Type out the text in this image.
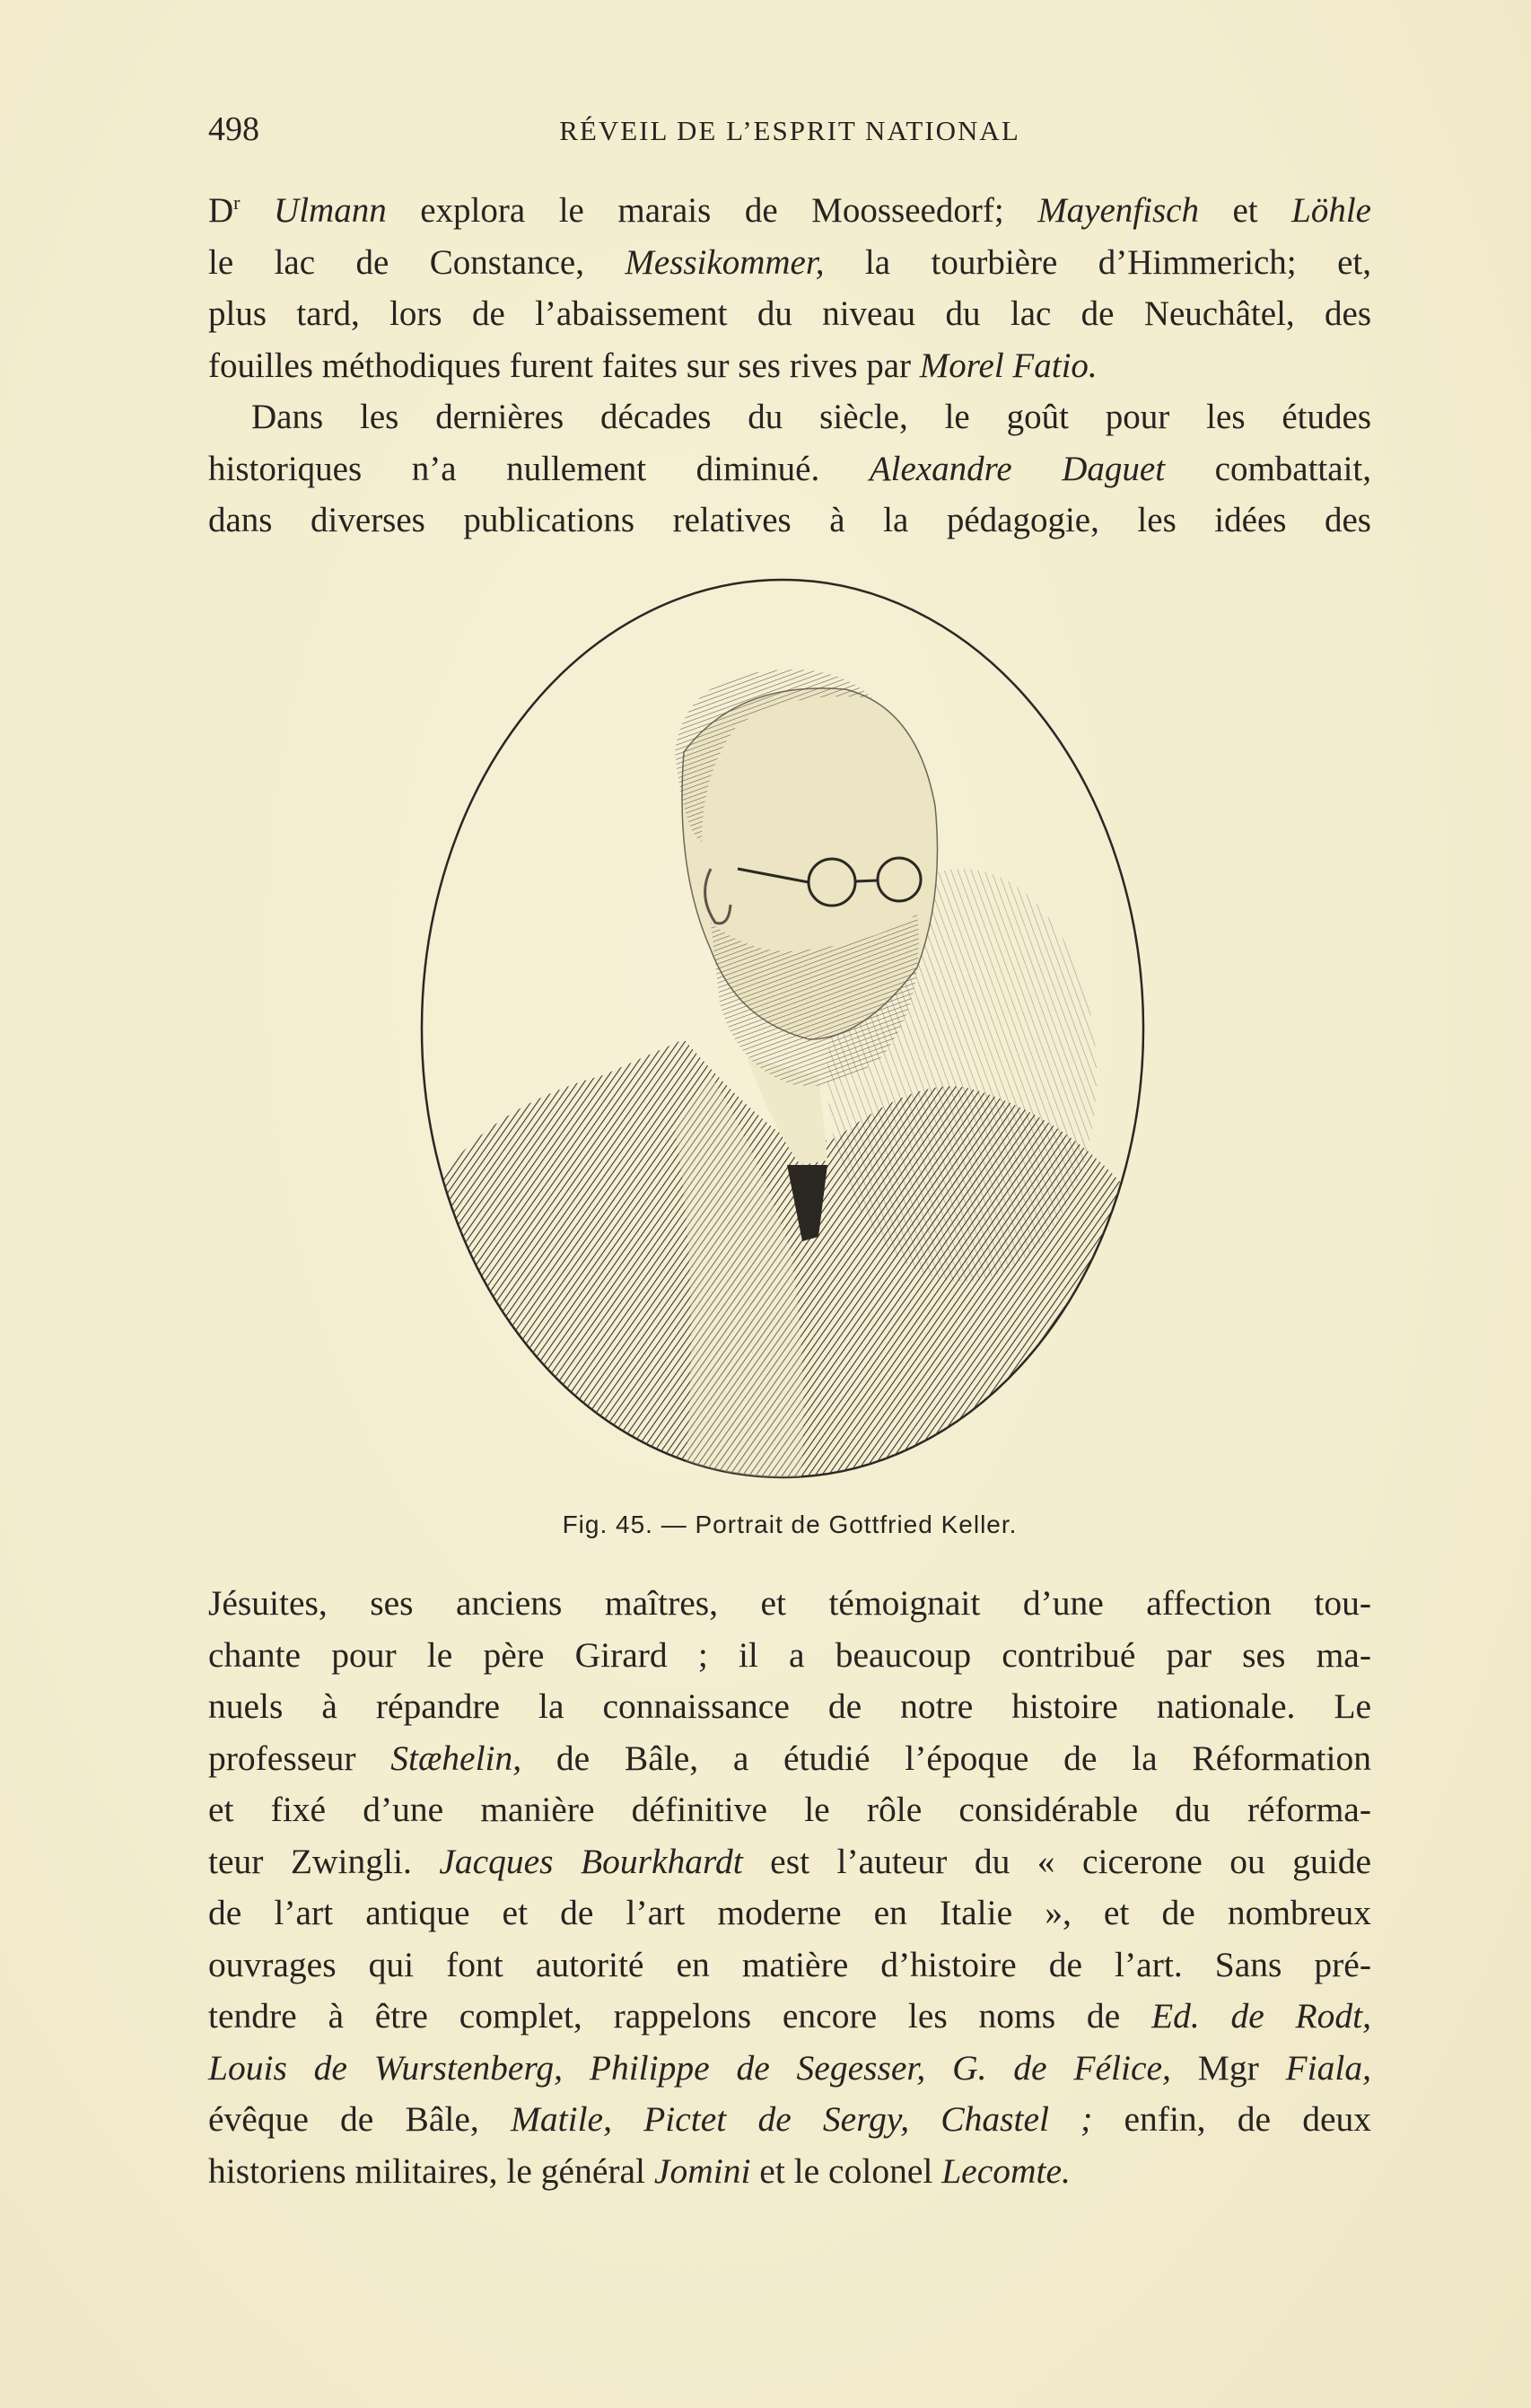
498	RÉVEIL DE L’ESPRIT NATIONAL
$D^r$ Ulmann explora le marais de Moosseedorf; Mayenfisch et Löhle
le lac de Constance, Messikommer, la tourbière d’Himmerich; et,
plus tard, lors de l’abaissement du niveau du lac de Neuchâtel, des
fouilles méthodiques furent faites sur ses rives par Morel Fatio.
Dans les dernières décades du siècle, le goût pour les études
historiques n’a nullement diminué. Alexandre Daguet combattait,
dans diverses publications relatives à la pédagogie, les idées des
Fig. 45. — Portrait de Gottfried Keller.
Jésuites, ses anciens maîtres, et témoignait d’une affection tou-
chante pour le père Girard ; il a beaucoup contribué par ses ma-
nuels à répandre la connaissance de notre histoire nationale. Le
professeur Stæhelin, de Bâle, a étudié l’époque de la Réformation
et fixé d’une manière définitive le rôle considérable du réforma-
teur Zwingli. Jacques Bourkhardt est l’auteur du « cicerone ou guide
de l’art antique et de l’art moderne en Italie », et de nombreux
ouvrages qui font autorité en matière d’histoire de l’art. Sans pré-
tendre à être complet, rappelons encore les noms de Ed. de Rodt,
Louis de Wurstenberg, Philippe de Segesser, G. de Félice, Mgr Fiala,
évêque de Bâle, Matile, Pictet de Sergy, Chastel ; enfin, de deux
historiens militaires, le général Jomini et le colonel Lecomte.
